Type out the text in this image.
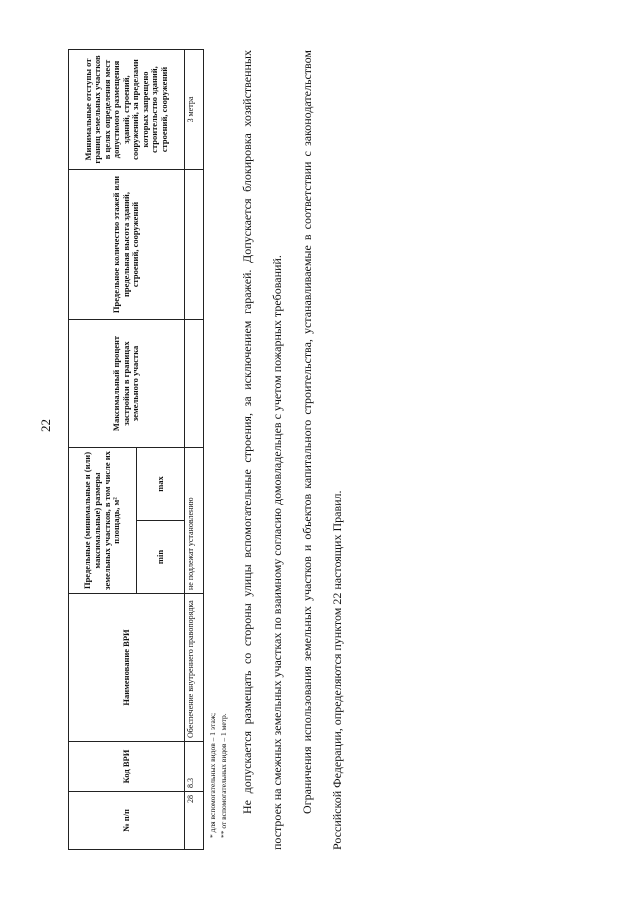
22
№ п/п	Код ВРИ	Наименование ВРИ	Предельные (минимальные и (или) максимальные) размеры земельных участков, в том числе их площадь, м²		Максимальный процент застройки в границах земельного участка	Предельное количество этажей или предельная высота зданий, строений, сооружений	Минимальные отступы от границ земельных участков в целях определения мест допустимого размещения зданий, строений, сооружений, за пределами которых запрещено строительство зданий, строений, сооружений
			min	max			
28	8.3	Обеспечение внутреннего правопорядка	не подлежат установлению				3 метра
* для вспомогательных видов – 1 этаж; ** от вспомогательных видов – 1 метр. Не допускается размещать со стороны улицы вспомогательные строения, за исключением гаражей. Допускается блокировка хозяйственных построек на смежных земельных участках по взаимному согласию домовладельцев с учетом пожарных требований.	Ограничения использования земельных участков и объектов капитального строительства, устанавливаемые в соответствии с законодательством Российской Федерации, определяются пунктом 22 настоящих Правил.
